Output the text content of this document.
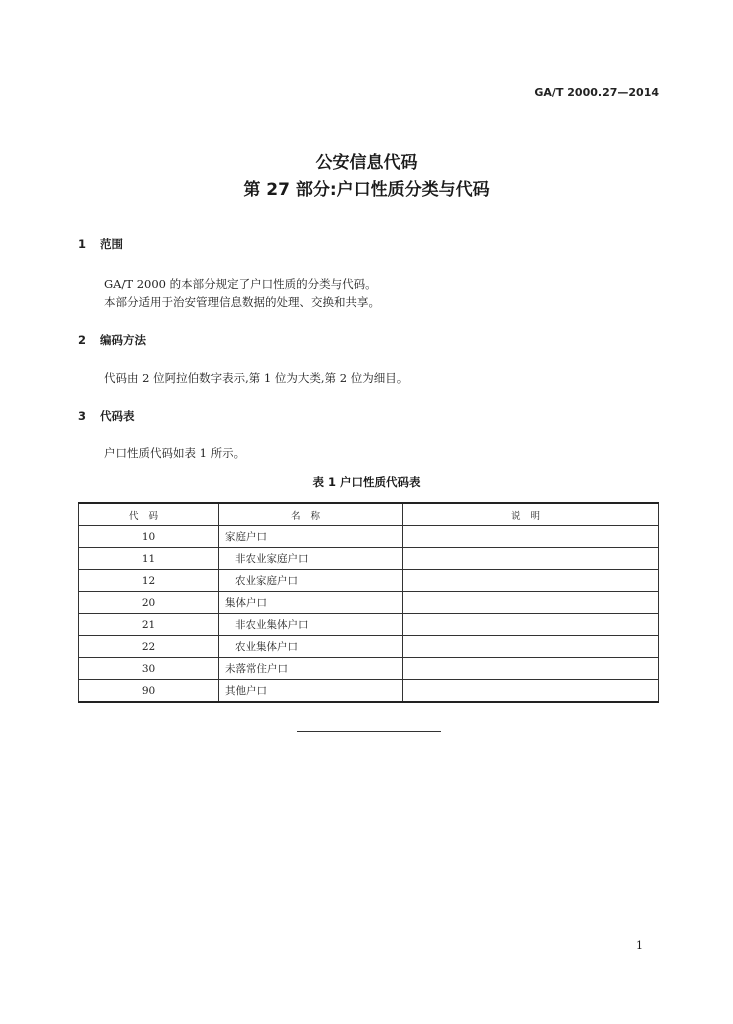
GA/T 2000.27—2014
公安信息代码
第 27 部分:户口性质分类与代码
1 范围
GA/T 2000 的本部分规定了户口性质的分类与代码。
本部分适用于治安管理信息数据的处理、交换和共享。
2 编码方法
代码由 2 位阿拉伯数字表示,第 1 位为大类,第 2 位为细目。
3 代码表
户口性质代码如表 1 所示。
表 1 户口性质代码表
代码	名称	说明
10	家庭户口	
11	非农业家庭户口	
12	农业家庭户口	
20	集体户口	
21	非农业集体户口	
22	农业集体户口	
30	未落常住户口	
90	其他户口	
1
